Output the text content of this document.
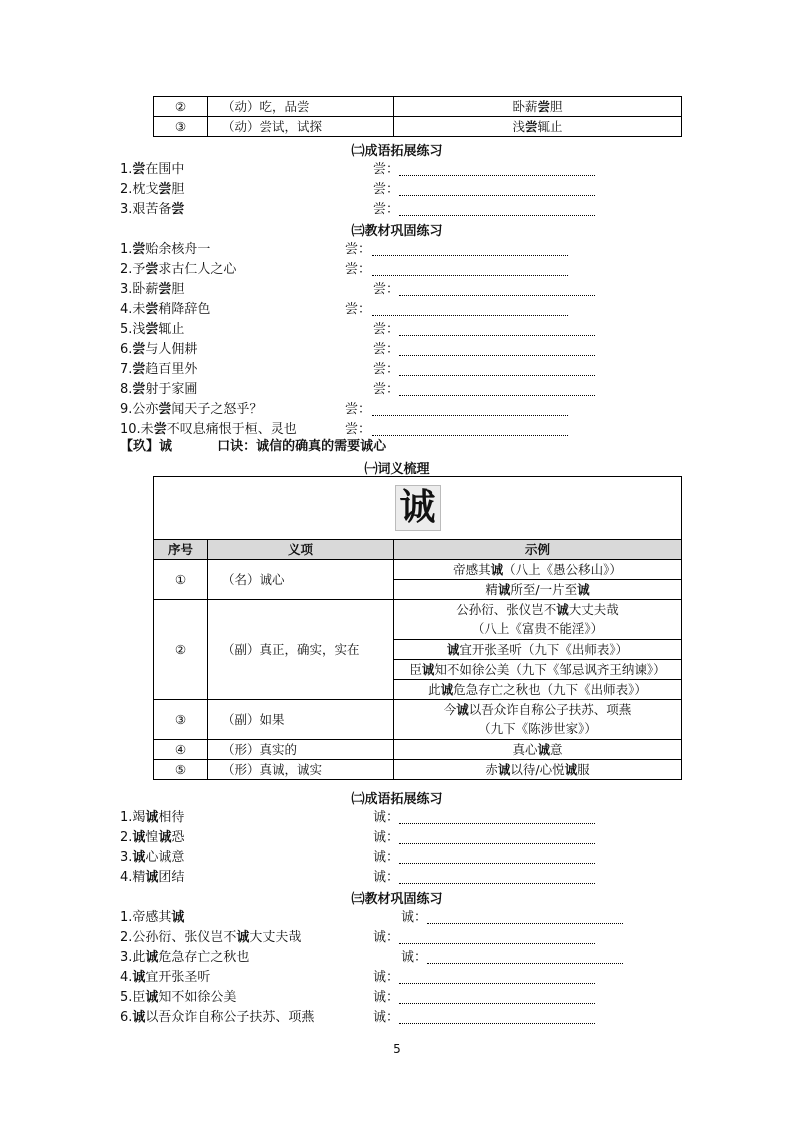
②	（动）吃，品尝	卧薪尝胆
③	（动）尝试，试探	浅尝辄止
㈡成语拓展练习
1.尝在围中	尝：
2.枕戈尝胆	尝：
3.艰苦备尝	尝：
㈢教材巩固练习
1.尝贻余核舟一	尝：
2.予尝求古仁人之心	尝：
3.卧薪尝胆	尝：
4.未尝稍降辞色	尝：
5.浅尝辄止	尝：
6.尝与人佣耕	尝：
7.尝趋百里外	尝：
8.尝射于家圃	尝：
9.公亦尝闻天子之怒乎？	尝：
10.未尝不叹息痛恨于桓、灵也	尝：
【玖】诚	口诀：诚信的确真的需要诚心
㈠词义梳理
诚		

序号	义项	示例
①	（名）诚心	帝感其诚（八上《愚公移山》）
		精诚所至/一片至诚
②	（副）真正，确实，实在	公孙衍、张仪岂不诚大丈夫哉
		（八上《富贵不能淫》）
		诚宜开张圣听（九下《出师表》）
		臣诚知不如徐公美（九下《邹忌讽齐王纳谏》）
		此诚危急存亡之秋也（九下《出师表》）
③	（副）如果	今诚以吾众诈自称公子扶苏、项燕
		（九下《陈涉世家》）
④	（形）真实的	真心诚意
⑤	（形）真诚，诚实	赤诚以待/心悦诚服
㈡成语拓展练习
1.竭诚相待	诚：
2.诚惶诚恐	诚：
3.诚心诚意	诚：
4.精诚团结	诚：
㈢教材巩固练习
1.帝感其诚	诚：
2.公孙衍、张仪岂不诚大丈夫哉	诚：
3.此诚危急存亡之秋也	诚：
4.诚宜开张圣听	诚：
5.臣诚知不如徐公美	诚：
6.诚以吾众诈自称公子扶苏、项燕	诚：
5
